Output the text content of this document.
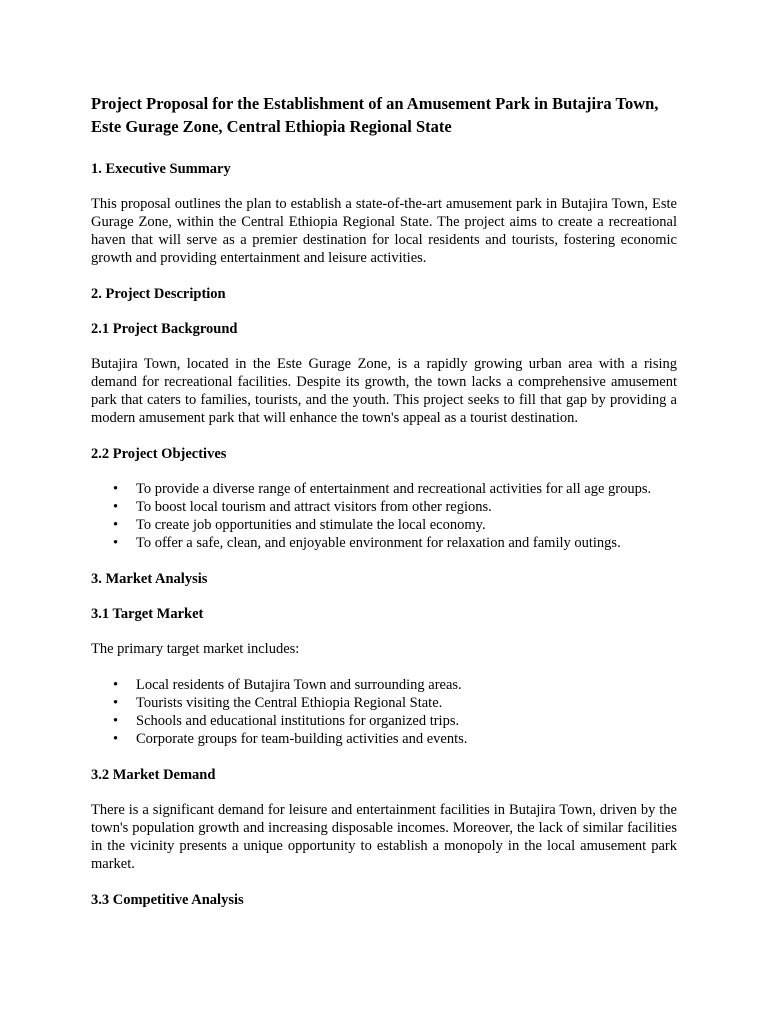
Project Proposal for the Establishment of an Amusement Park in Butajira Town, Este Gurage Zone, Central Ethiopia Regional State
1. Executive Summary

This proposal outlines the plan to establish a state-of-the-art amusement park in Butajira Town, Este Gurage Zone, within the Central Ethiopia Regional State. The project aims to create a recreational haven that will serve as a premier destination for local residents and tourists, fostering economic growth and providing entertainment and leisure activities.

2. Project Description
2.1 Project Background

Butajira Town, located in the Este Gurage Zone, is a rapidly growing urban area with a rising demand for recreational facilities. Despite its growth, the town lacks a comprehensive amusement park that caters to families, tourists, and the youth. This project seeks to fill that gap by providing a modern amusement park that will enhance the town's appeal as a tourist destination.

2.2 Project Objectives
• To provide a diverse range of entertainment and recreational activities for all age groups.
• To boost local tourism and attract visitors from other regions.
• To create job opportunities and stimulate the local economy.
• To offer a safe, clean, and enjoyable environment for relaxation and family outings.
3. Market Analysis
3.1 Target Market

The primary target market includes:

• Local residents of Butajira Town and surrounding areas.
• Tourists visiting the Central Ethiopia Regional State.
• Schools and educational institutions for organized trips.
• Corporate groups for team-building activities and events.
3.2 Market Demand

There is a significant demand for leisure and entertainment facilities in Butajira Town, driven by the town's population growth and increasing disposable incomes. Moreover, the lack of similar facilities in the vicinity presents a unique opportunity to establish a monopoly in the local amusement park market.

3.3 Competitive Analysis
